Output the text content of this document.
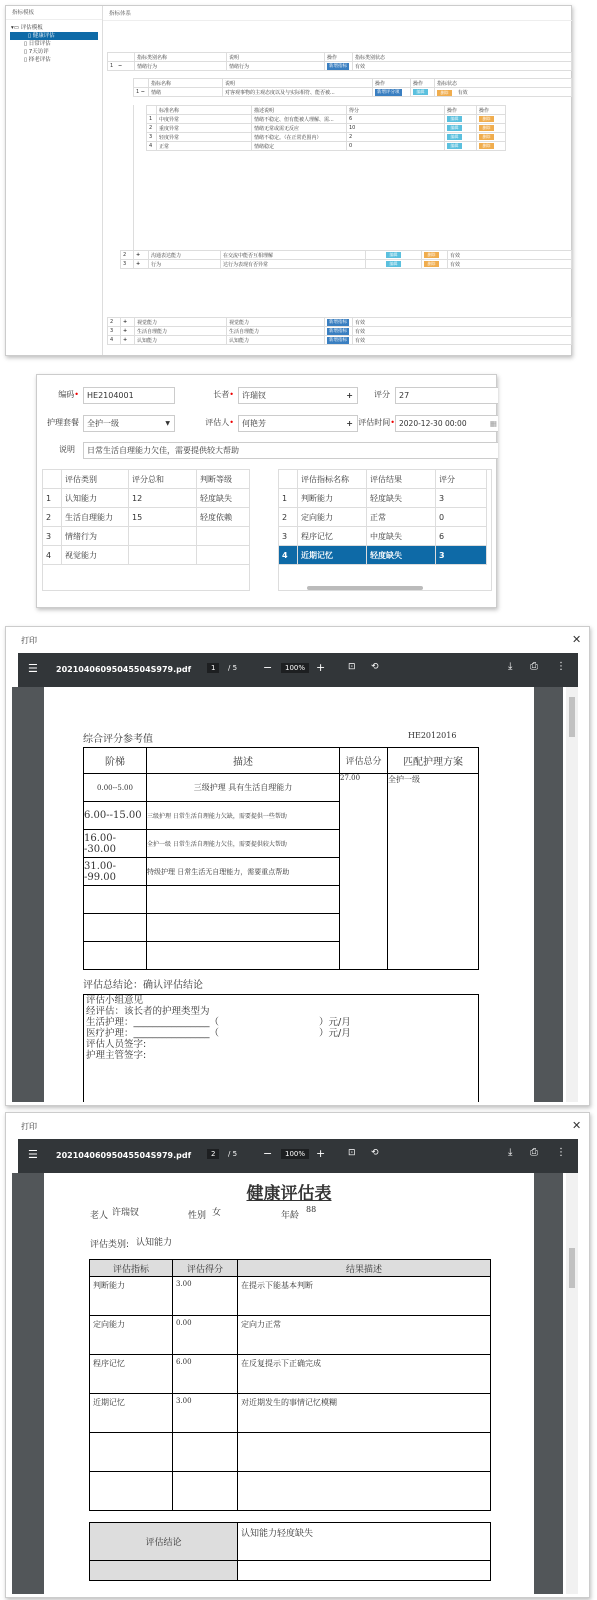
指标模板
▾▭ 评估模板
▯ 健康评估
▯ 日常评估
▯ 7天访评
▯ 择老评估
指标体系
	指标类别名称	说明	操作	指标类别状态
1 −	情绪行为	情绪行为	新增指标	有效
	指标名称	说明	操作	操作	指标状态
1 −	情绪	对客观事物的主观态度以及与实际相符、能否被...	新增评分项	编辑	删除 有效
	标准名称	描述说明	得分	操作	操作
1	中度异常	情绪不稳定、但有能被人理解、需...	6	编辑	删除
2	重度异常	情绪无常或需无反应	10	编辑	删除
3	轻度异常	情绪不稳定。（在正常范围内）	2	编辑	删除
4	正常	情绪稳定	0	编辑	删除
2	+	沟通表达能力	在交流中能否互相理解	编辑	删除	有效
3	+	行为	达行为表现有否异常	编辑	删除	有效
2	+	视觉能力	视觉能力	新增指标	有效
3	+	生活自理能力	生活自理能力	新增指标	有效
4	+	认知能力	认知能力	新增指标	有效
编码•	HE2104001	长者•	许瑞钗	+	评分	27
护理套餐	全护一级	▼	评估人•	何艳芳	+ 评估时间• 2020-12-30 00:00	▦
说明	日常生活自理能力欠佳，需要提供较大帮助
	评估类别	评分总和	判断等级
1	认知能力	12	轻度缺失
2	生活自理能力	15	轻度依赖
3	情绪行为		
4	视觉能力		
	评估指标名称	评估结果	评分
1	判断能力	轻度缺失	3
2	定向能力	正常	0
3	程序记忆	中度缺失	6
4	近期记忆	轻度缺失	3
打印	✕
☰ 20210406095045504S979.pdf	1	/ 5 −	100% +	⊡ ⟲	⤓ ⎙ ⋮
综合评分参考值	HE2012016
阶梯	描述	评估总分	匹配护理方案
0.00--5.00	三级护理 具有生活自理能力	27.00	全护一级
6.00--15.00	三级护理 日常生活自理能力欠缺，需要提供一些帮助		
16.00--30.00	全护一级 日常生活自理能力欠佳，需要提供较大帮助		
31.00--99.00	特级护理 日常生活无自理能力，需要重点帮助		

评估总结论：确认评估结论
评估小组意见
经评估：该长者的护理类型为
生活护理：________________（	）元/月
医疗护理：________________（	）元/月
评估人员签字:
护理主管签字:
打印	✕
☰ 20210406095045504S979.pdf	2	/ 5 −	100% +	⊡ ⟲	⤓ ⎙ ⋮
健康评估表
老人 许瑞钗	性别 女	年龄
88
评估类别: 认知能力
评估指标	评估得分	结果描述
判断能力	3.00	在提示下能基本判断
定向能力	0.00	定向力正常
程序记忆	6.00	在反复提示下正确完成
近期记忆	3.00	对近期发生的事情记忆模糊

评估结论	认知能力轻度缺失
